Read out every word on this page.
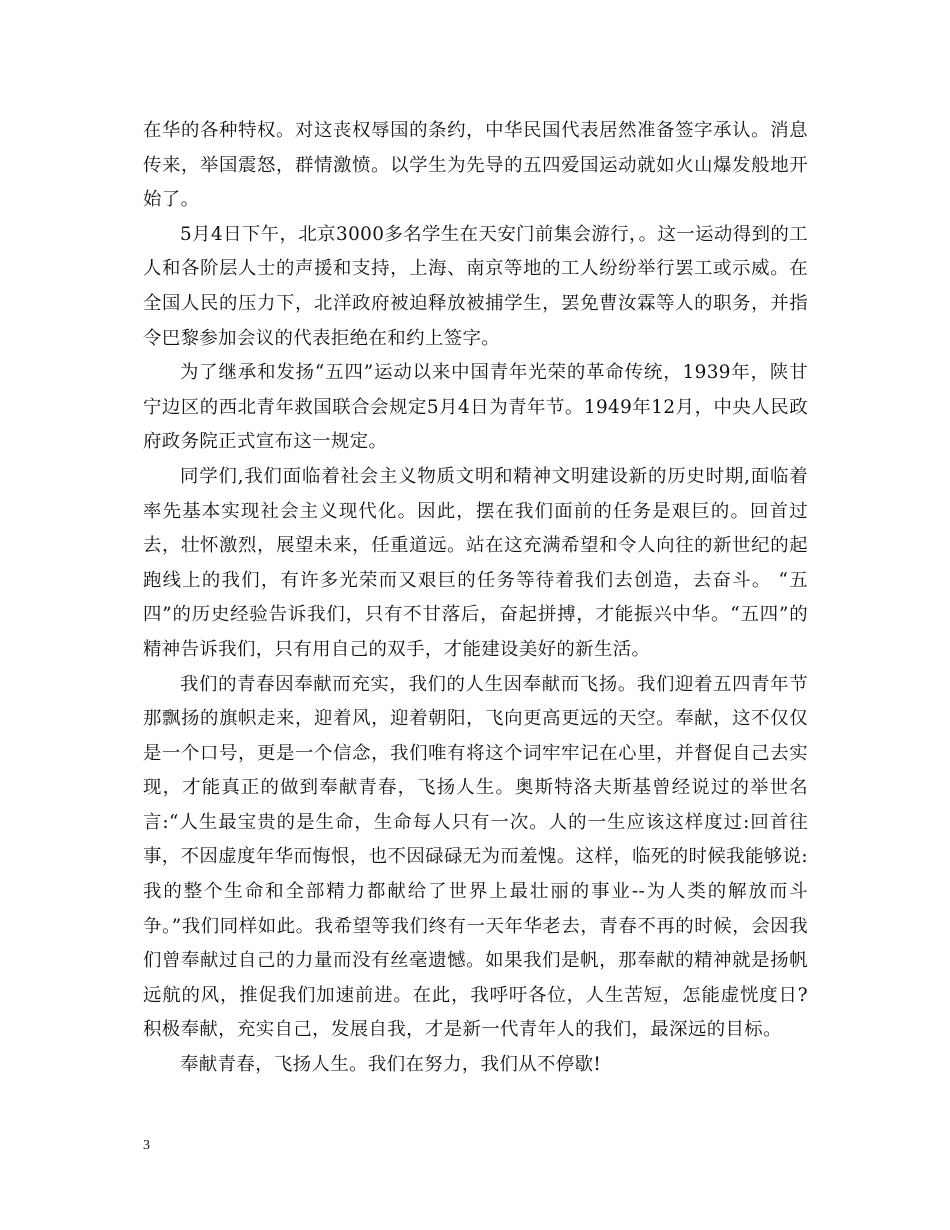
在华的各种特权。对这丧权辱国的条约，中华民国代表居然准备签字承认。消息传来，举国震怒，群情激愤。以学生为先导的五四爱国运动就如火山爆发般地开始了。

5月4日下午，北京3000多名学生在天安门前集会游行，。这一运动得到的工人和各阶层人士的声援和支持，上海、南京等地的工人纷纷举行罢工或示威。在全国人民的压力下，北洋政府被迫释放被捕学生，罢免曹汝霖等人的职务，并指令巴黎参加会议的代表拒绝在和约上签字。

为了继承和发扬“五四”运动以来中国青年光荣的革命传统，1939年，陕甘宁边区的西北青年救国联合会规定5月4日为青年节。1949年12月，中央人民政府政务院正式宣布这一规定。

同学们,我们面临着社会主义物质文明和精神文明建设新的历史时期,面临着率先基本实现社会主义现代化。因此，摆在我们面前的任务是艰巨的。回首过去，壮怀激烈，展望未来，任重道远。站在这充满希望和令人向往的新世纪的起跑线上的我们，有许多光荣而又艰巨的任务等待着我们去创造，去奋斗。 “五四”的历史经验告诉我们，只有不甘落后，奋起拼搏，才能振兴中华。“五四”的精神告诉我们，只有用自己的双手，才能建设美好的新生活。

我们的青春因奉献而充实，我们的人生因奉献而飞扬。我们迎着五四青年节那飘扬的旗帜走来，迎着风，迎着朝阳，飞向更高更远的天空。奉献，这不仅仅是一个口号，更是一个信念，我们唯有将这个词牢牢记在心里，并督促自己去实现，才能真正的做到奉献青春，飞扬人生。奥斯特洛夫斯基曾经说过的举世名言:“人生最宝贵的是生命，生命每人只有一次。人的一生应该这样度过:回首往事，不因虚度年华而悔恨，也不因碌碌无为而羞愧。这样，临死的时候我能够说:我的整个生命和全部精力都献给了世界上最壮丽的事业--为人类的解放而斗争。”我们同样如此。我希望等我们终有一天年华老去，青春不再的时候，会因我们曾奉献过自己的力量而没有丝毫遗憾。如果我们是帆，那奉献的精神就是扬帆远航的风，推促我们加速前进。在此，我呼吁各位，人生苦短，怎能虚恍度日?积极奉献，充实自己，发展自我，才是新一代青年人的我们，最深远的目标。

奉献青春，飞扬人生。我们在努力，我们从不停歇!

3
